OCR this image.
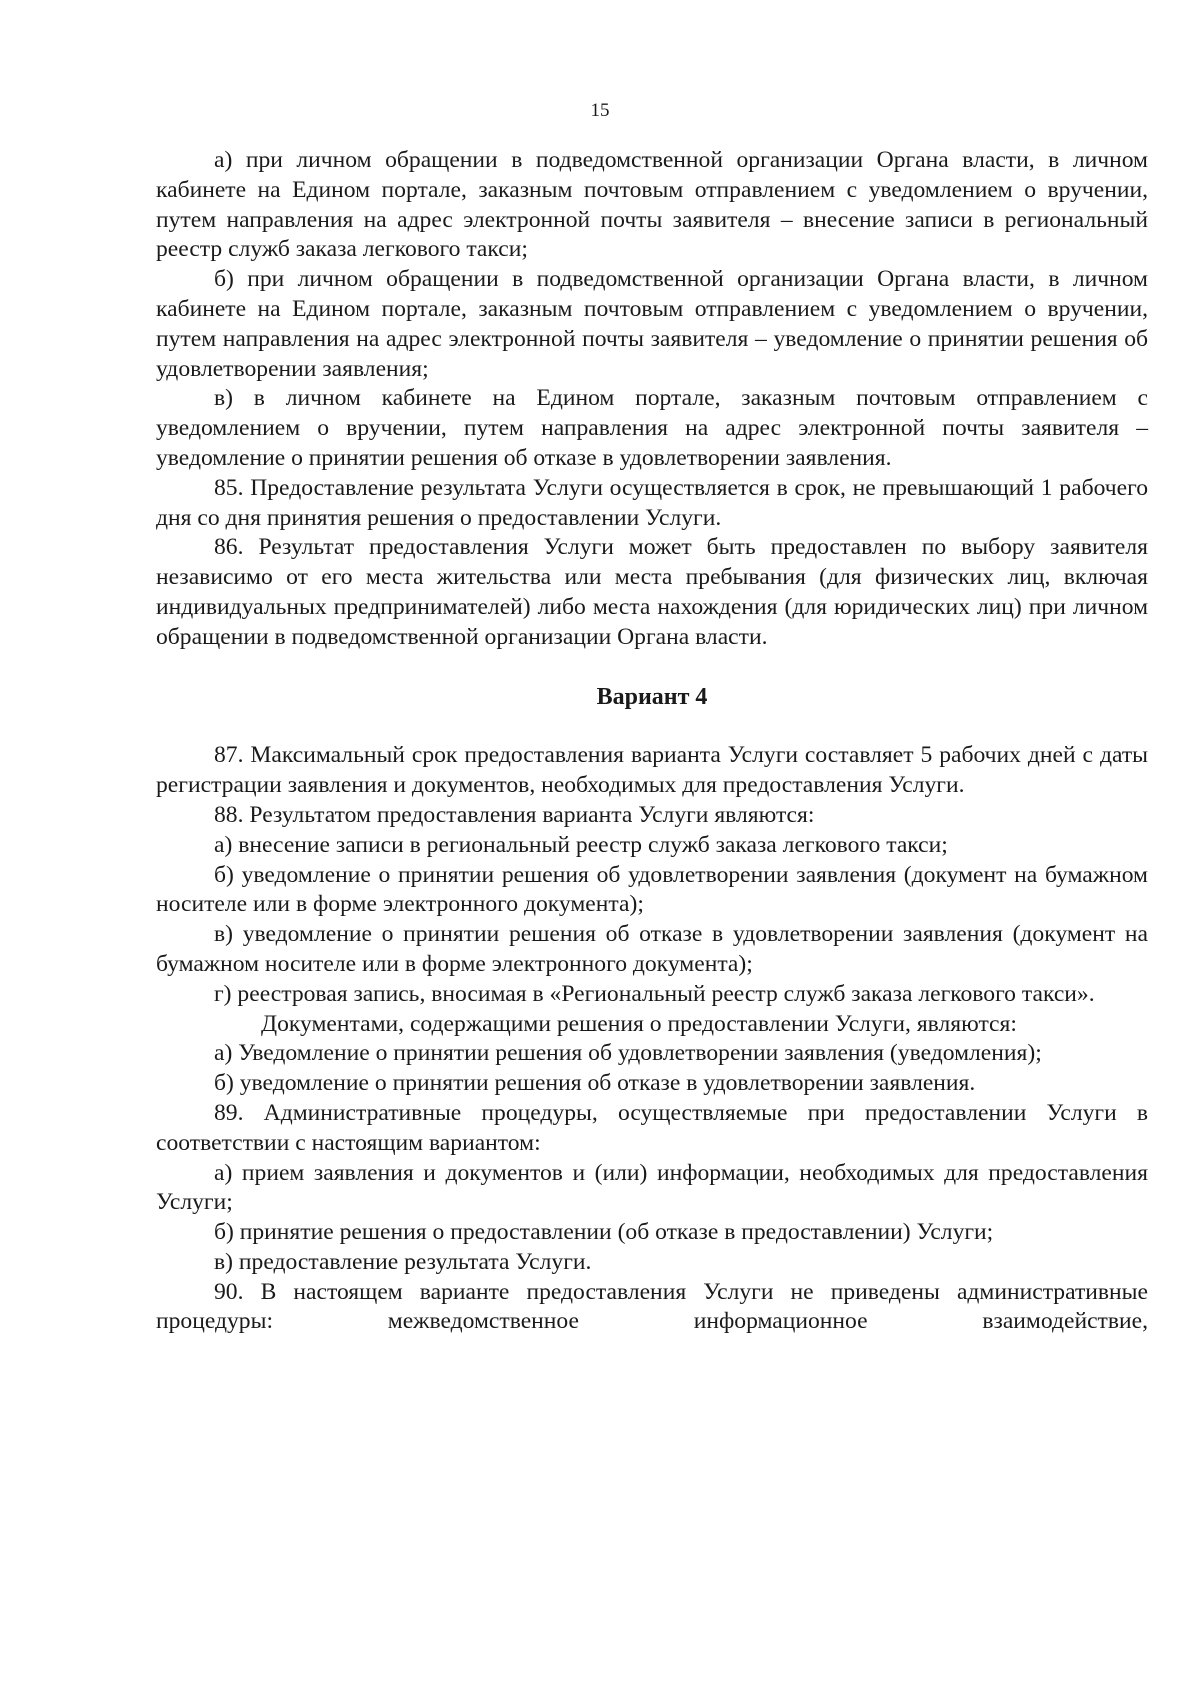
15

а) при личном обращении в подведомственной организации Органа власти, в личном кабинете на Едином портале, заказным почтовым отправлением с уведомлением о вручении, путем направления на адрес электронной почты заявителя – внесение записи в региональный реестр служб заказа легкового такси;

б) при личном обращении в подведомственной организации Органа власти, в личном кабинете на Едином портале, заказным почтовым отправлением с уведомлением о вручении, путем направления на адрес электронной почты заявителя – уведомление о принятии решения об удовлетворении заявления;

в) в личном кабинете на Едином портале, заказным почтовым отправлением с уведомлением о вручении, путем направления на адрес электронной почты заявителя – уведомление о принятии решения об отказе в удовлетворении заявления.

85. Предоставление результата Услуги осуществляется в срок, не превышающий 1 рабочего дня со дня принятия решения о предоставлении Услуги.

86. Результат предоставления Услуги может быть предоставлен по выбору заявителя независимо от его места жительства или места пребывания (для физических лиц, включая индивидуальных предпринимателей) либо места нахождения (для юридических лиц) при личном обращении в подведомственной организации Органа власти.

Вариант 4

87. Максимальный срок предоставления варианта Услуги составляет 5 рабочих дней с даты регистрации заявления и документов, необходимых для предоставления Услуги.

88. Результатом предоставления варианта Услуги являются:

а) внесение записи в региональный реестр служб заказа легкового такси;

б) уведомление о принятии решения об удовлетворении заявления (документ на бумажном носителе или в форме электронного документа);

в) уведомление о принятии решения об отказе в удовлетворении заявления (документ на бумажном носителе или в форме электронного документа);

г) реестровая запись, вносимая в «Региональный реестр служб заказа легкового такси».

Документами, содержащими решения о предоставлении Услуги, являются:

а) Уведомление о принятии решения об удовлетворении заявления (уведомления);

б) уведомление о принятии решения об отказе в удовлетворении заявления.

89. Административные процедуры, осуществляемые при предоставлении Услуги в соответствии с настоящим вариантом:

а) прием заявления и документов и (или) информации, необходимых для предоставления Услуги;

б) принятие решения о предоставлении (об отказе в предоставлении) Услуги;

в) предоставление результата Услуги.

90. В настоящем варианте предоставления Услуги не приведены административные процедуры: межведомственное информационное взаимодействие,
